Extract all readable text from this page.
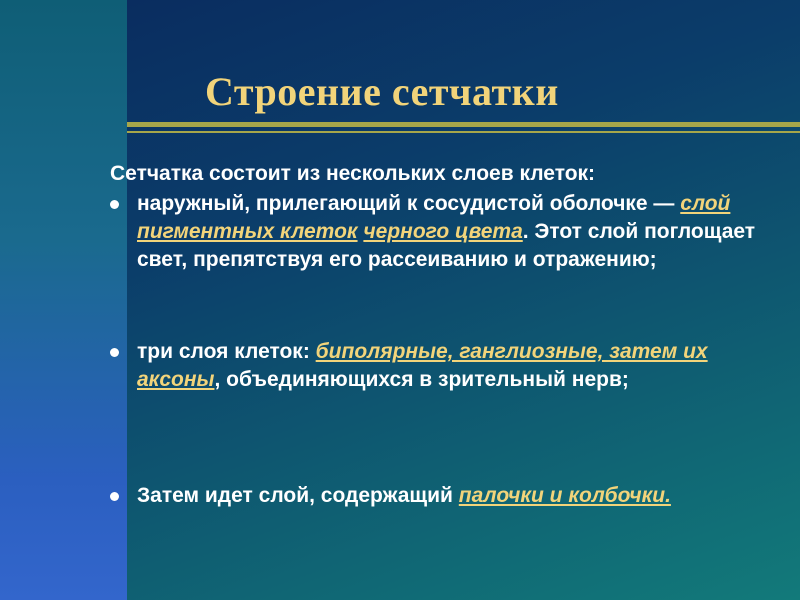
Строение сетчатки
Сетчатка состоит из нескольких слоев клеток:
наружный, прилегающий к сосудистой оболочке — слой пигментных клеток черного цвета. Этот слой поглощает свет, препятствуя его рассеиванию и отражению;
три слоя клеток: биполярные, ганглиозные, затем их аксоны, объединяющихся в зрительный нерв;
Затем идет слой, содержащий палочки и колбочки.
